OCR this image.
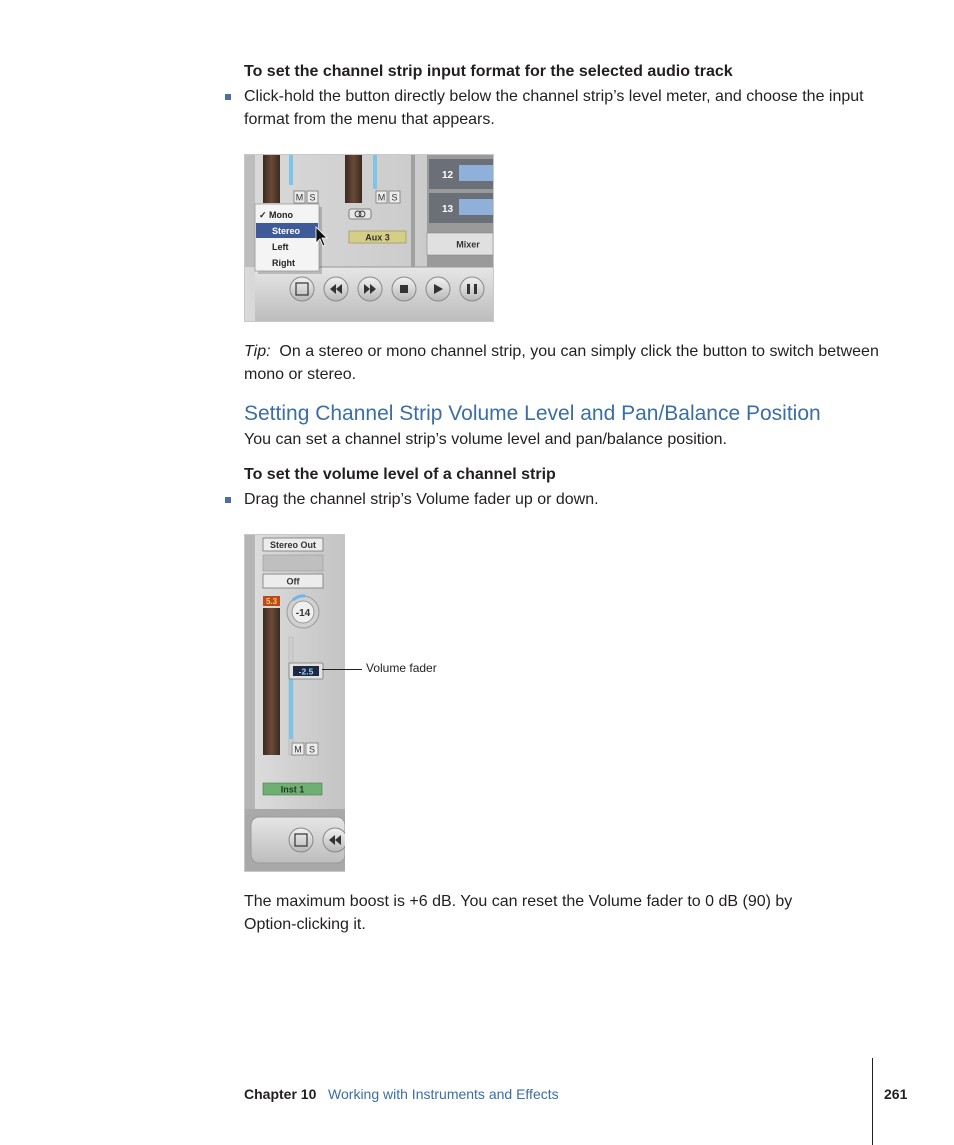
To set the channel strip input format for the selected audio track
Click-hold the button directly below the channel strip’s level meter, and choose the input format from the menu that appears.
M S	M S
Aux 3
12
13
Mixer
✓ Mono
Stereo
Left
Right
Tip: On a stereo or mono channel strip, you can simply click the button to switch between mono or stereo.
Setting Channel Strip Volume Level and Pan/Balance Position
You can set a channel strip’s volume level and pan/balance position.
To set the volume level of a channel strip
Drag the channel strip’s Volume fader up or down.
Stereo Out
Off
5.3
-14
-2.5
M S
Inst 1
Volume fader
The maximum boost is +6 dB. You can reset the Volume fader to 0 dB (90) by Option-clicking it.
Chapter 10 Working with Instruments and Effects	261
